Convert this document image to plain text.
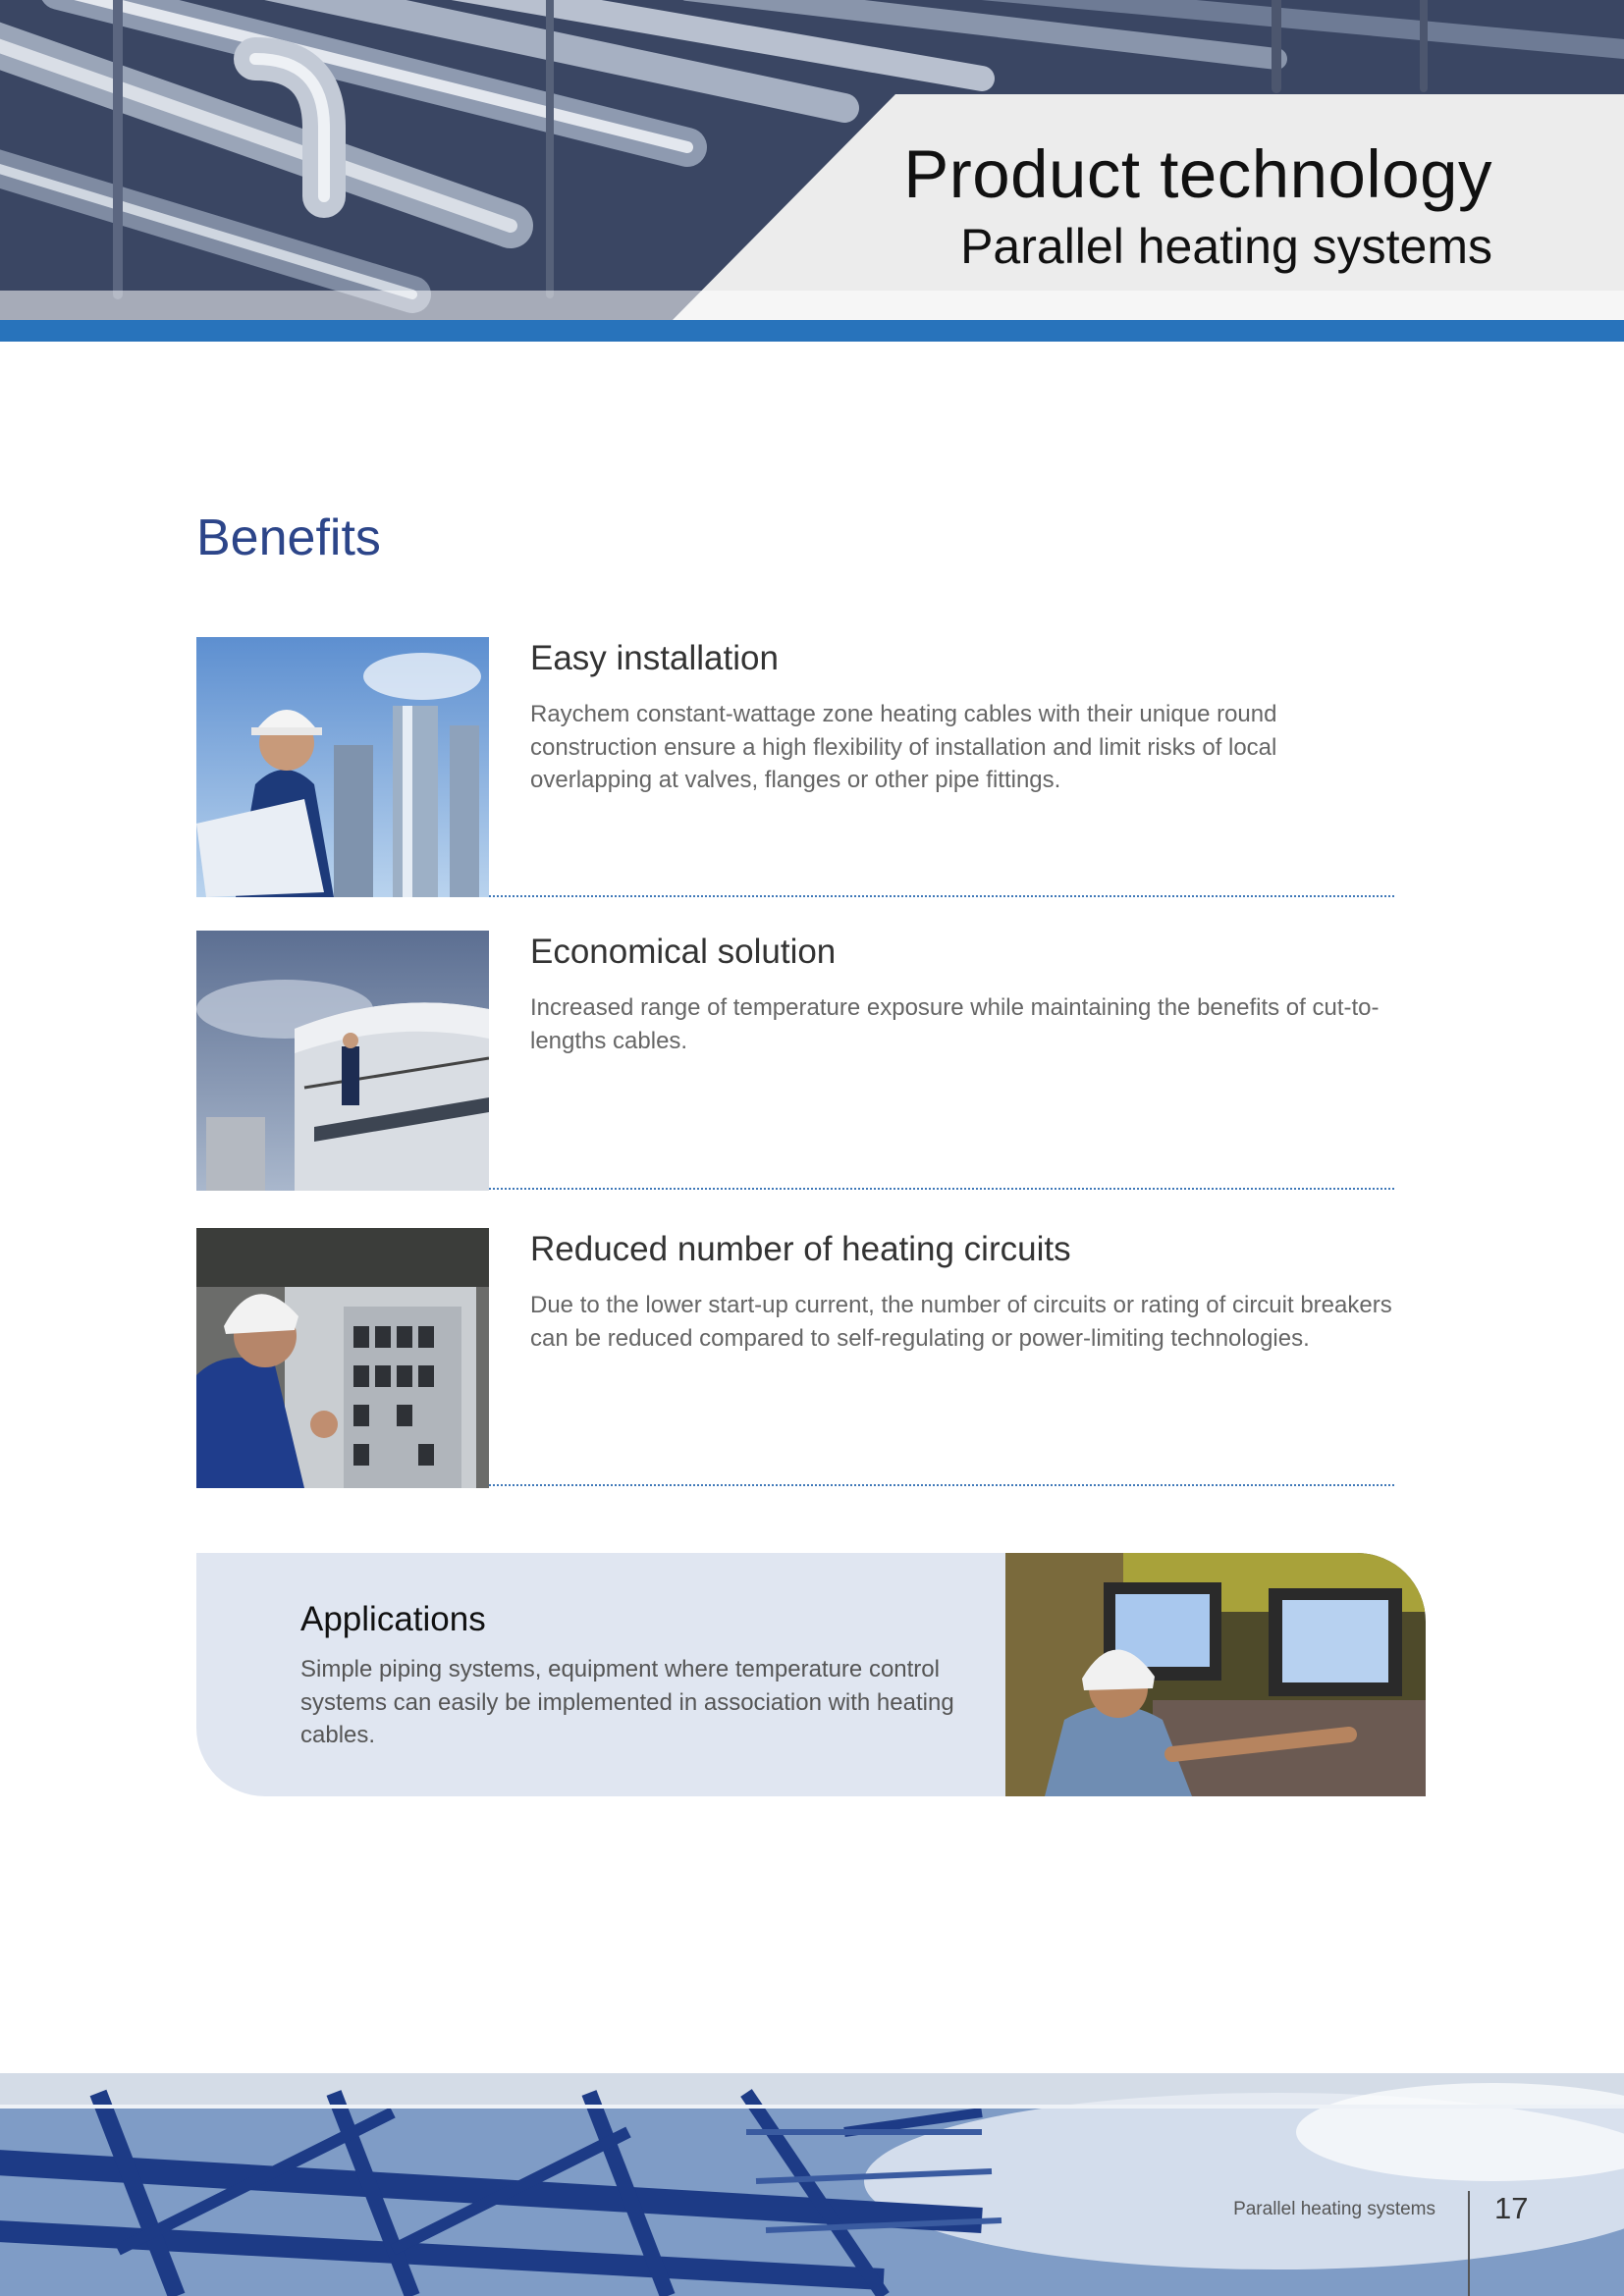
Product technology
Parallel heating systems
Benefits
Easy installation

Raychem constant-wattage zone heating cables with their unique round construction ensure a high flexibility of installation and limit risks of local overlapping at valves, flanges or other pipe fittings.

Economical solution

Increased range of temperature exposure while maintaining the benefits of cut-to-lengths cables.

Reduced number of heating circuits

Due to the lower start-up current, the number of circuits or rating of circuit breakers can be reduced compared to self-regulating or power-limiting technologies.

Applications

Simple piping systems, equipment where temperature control systems can easily be implemented in association with heating cables.

Parallel heating systems 17
